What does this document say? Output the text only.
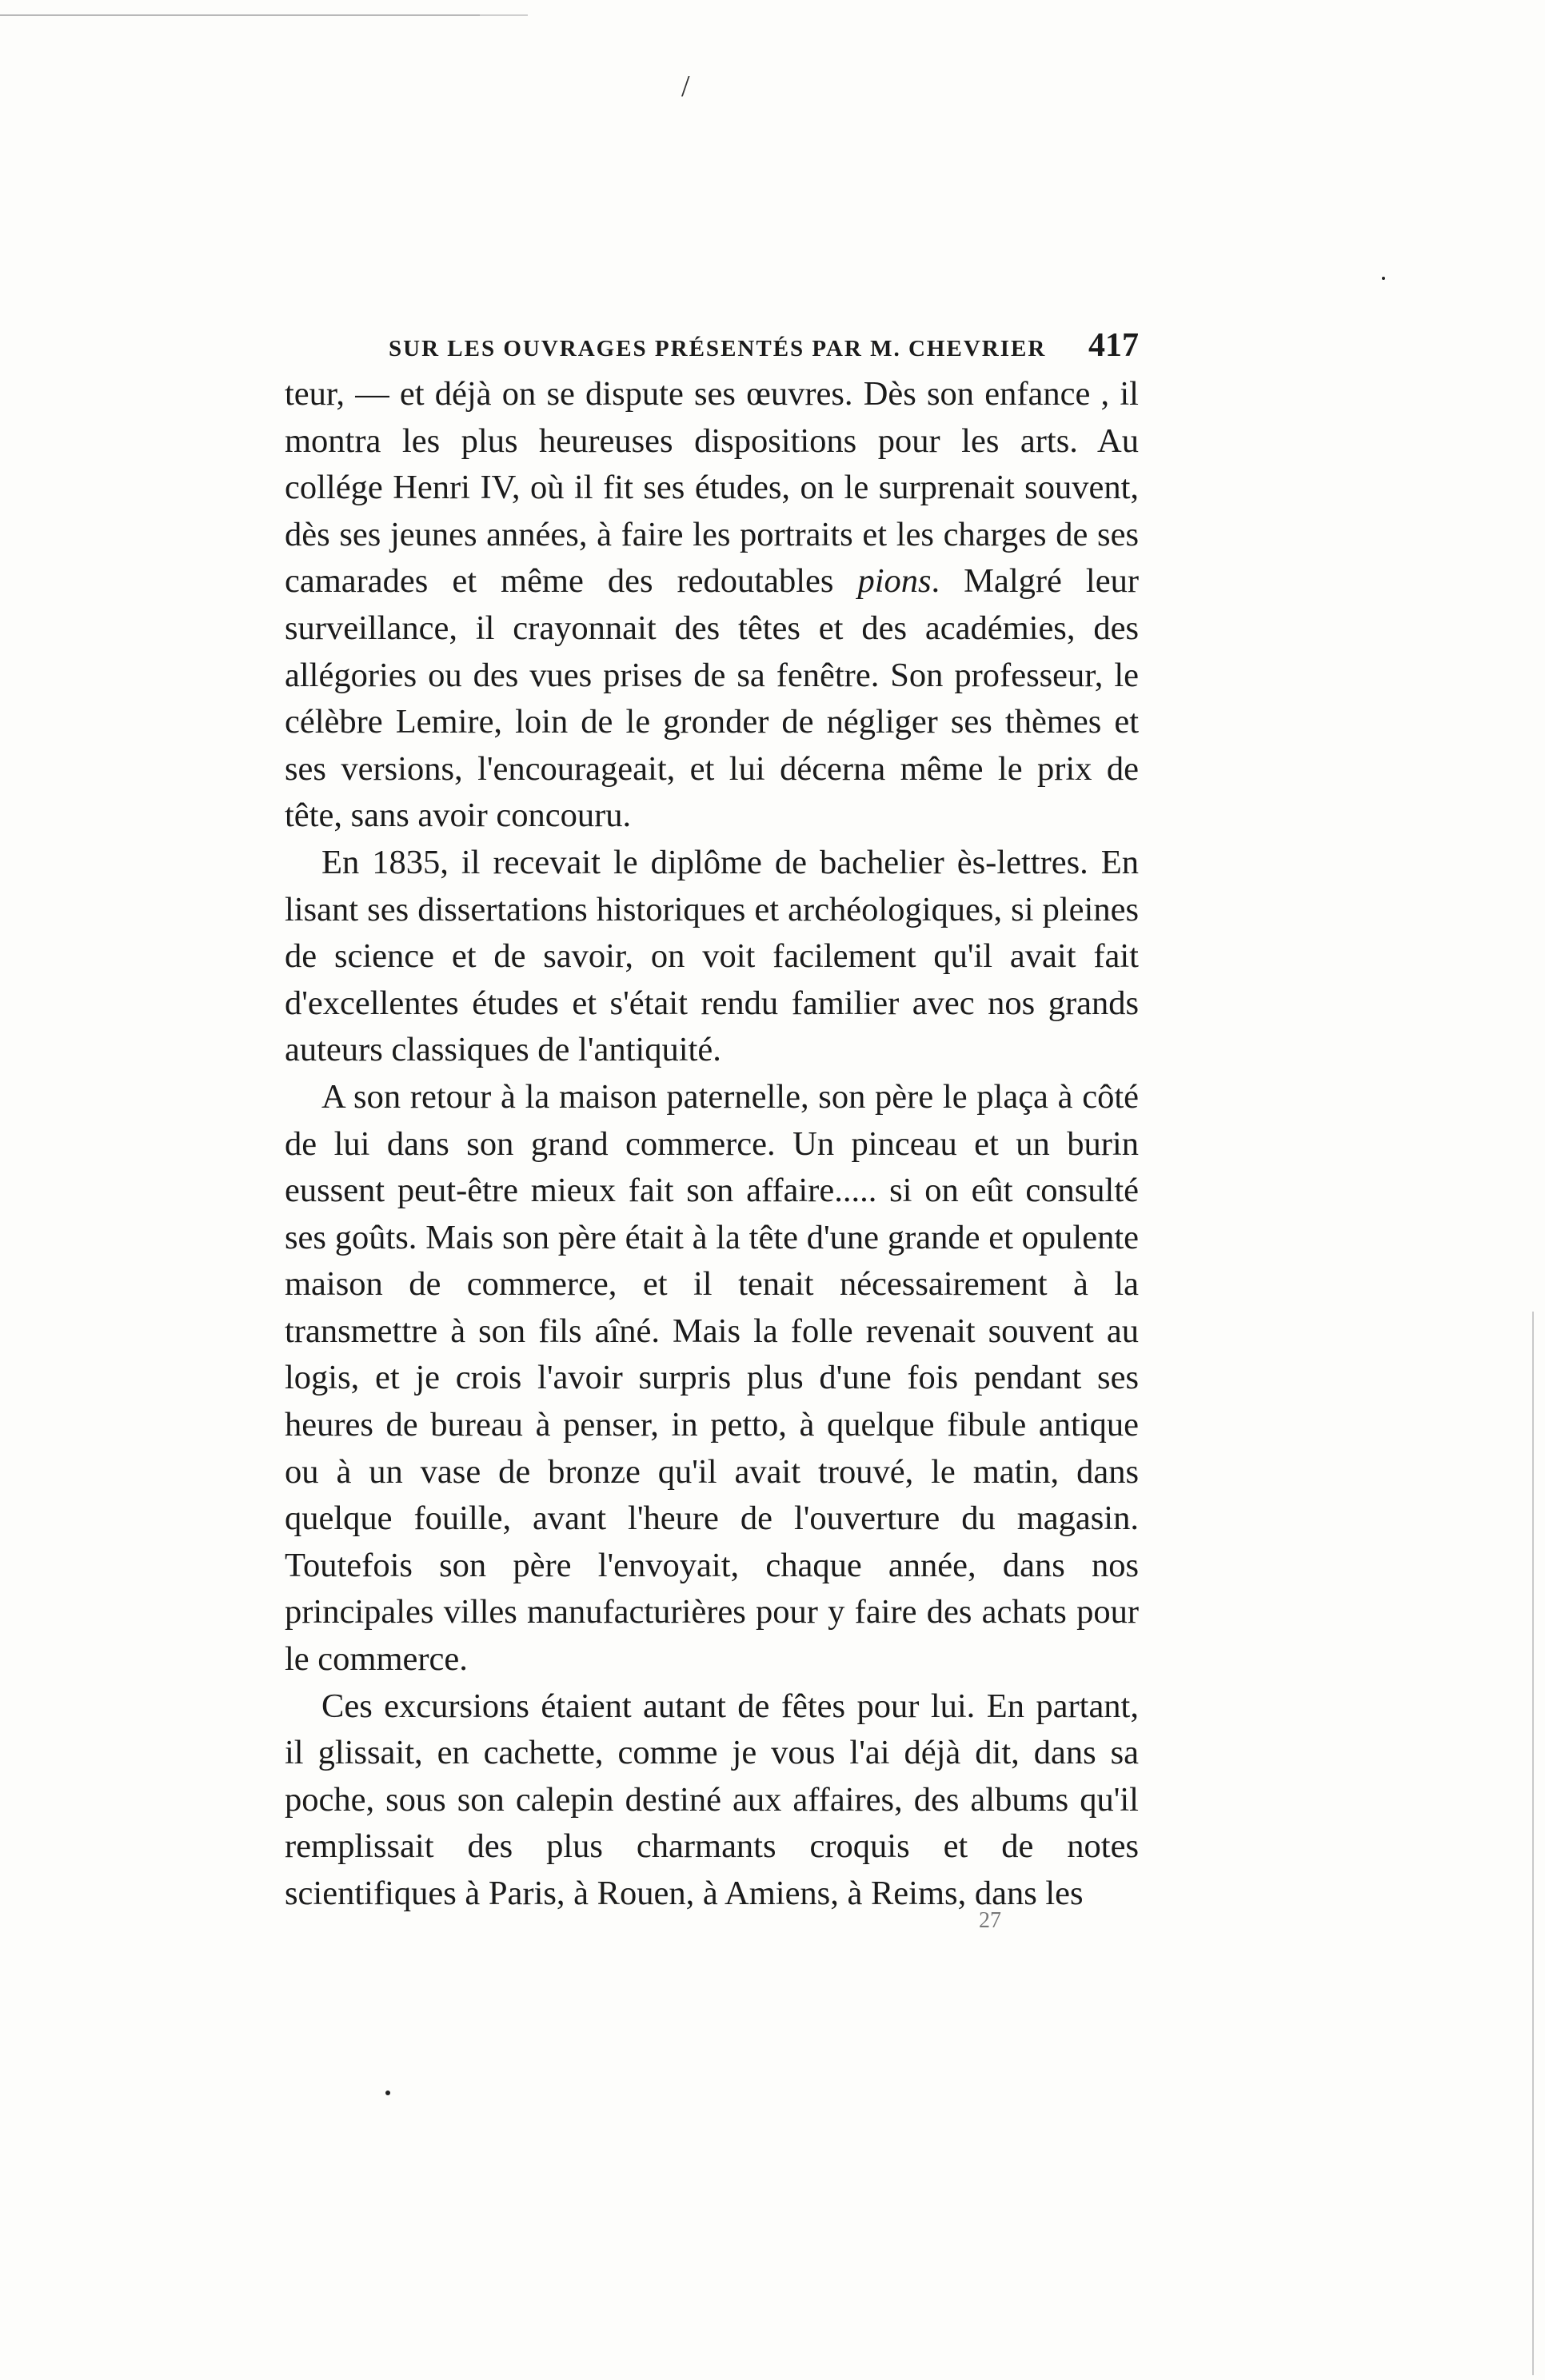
/
SUR LES OUVRAGES PRÉSENTÉS PAR M. CHEVRIER 417

teur, — et déjà on se dispute ses œuvres. Dès son enfance , il montra les plus heureuses dispositions pour les arts. Au collége Henri IV, où il fit ses études, on le surprenait souvent, dès ses jeunes années, à faire les portraits et les charges de ses camarades et même des redoutables pions. Malgré leur surveillance, il crayonnait des têtes et des académies, des allégories ou des vues prises de sa fenêtre. Son professeur, le célèbre Lemire, loin de le gronder de négliger ses thèmes et ses versions, l'encourageait, et lui décerna même le prix de tête, sans avoir concouru.

En 1835, il recevait le diplôme de bachelier ès-lettres. En lisant ses dissertations historiques et archéologiques, si pleines de science et de savoir, on voit facilement qu'il avait fait d'excellentes études et s'était rendu familier avec nos grands auteurs classiques de l'antiquité.

A son retour à la maison paternelle, son père le plaça à côté de lui dans son grand commerce. Un pinceau et un burin eussent peut-être mieux fait son affaire..... si on eût consulté ses goûts. Mais son père était à la tête d'une grande et opulente maison de commerce, et il tenait nécessairement à la transmettre à son fils aîné. Mais la folle revenait souvent au logis, et je crois l'avoir surpris plus d'une fois pendant ses heures de bureau à penser, in petto, à quelque fibule antique ou à un vase de bronze qu'il avait trouvé, le matin, dans quelque fouille, avant l'heure de l'ouverture du magasin. Toutefois son père l'envoyait, chaque année, dans nos principales villes manufacturières pour y faire des achats pour le commerce.

Ces excursions étaient autant de fêtes pour lui. En partant, il glissait, en cachette, comme je vous l'ai déjà dit, dans sa poche, sous son calepin destiné aux affaires, des albums qu'il remplissait des plus charmants croquis et de notes scientifiques à Paris, à Rouen, à Amiens, à Reims, dans les

27
